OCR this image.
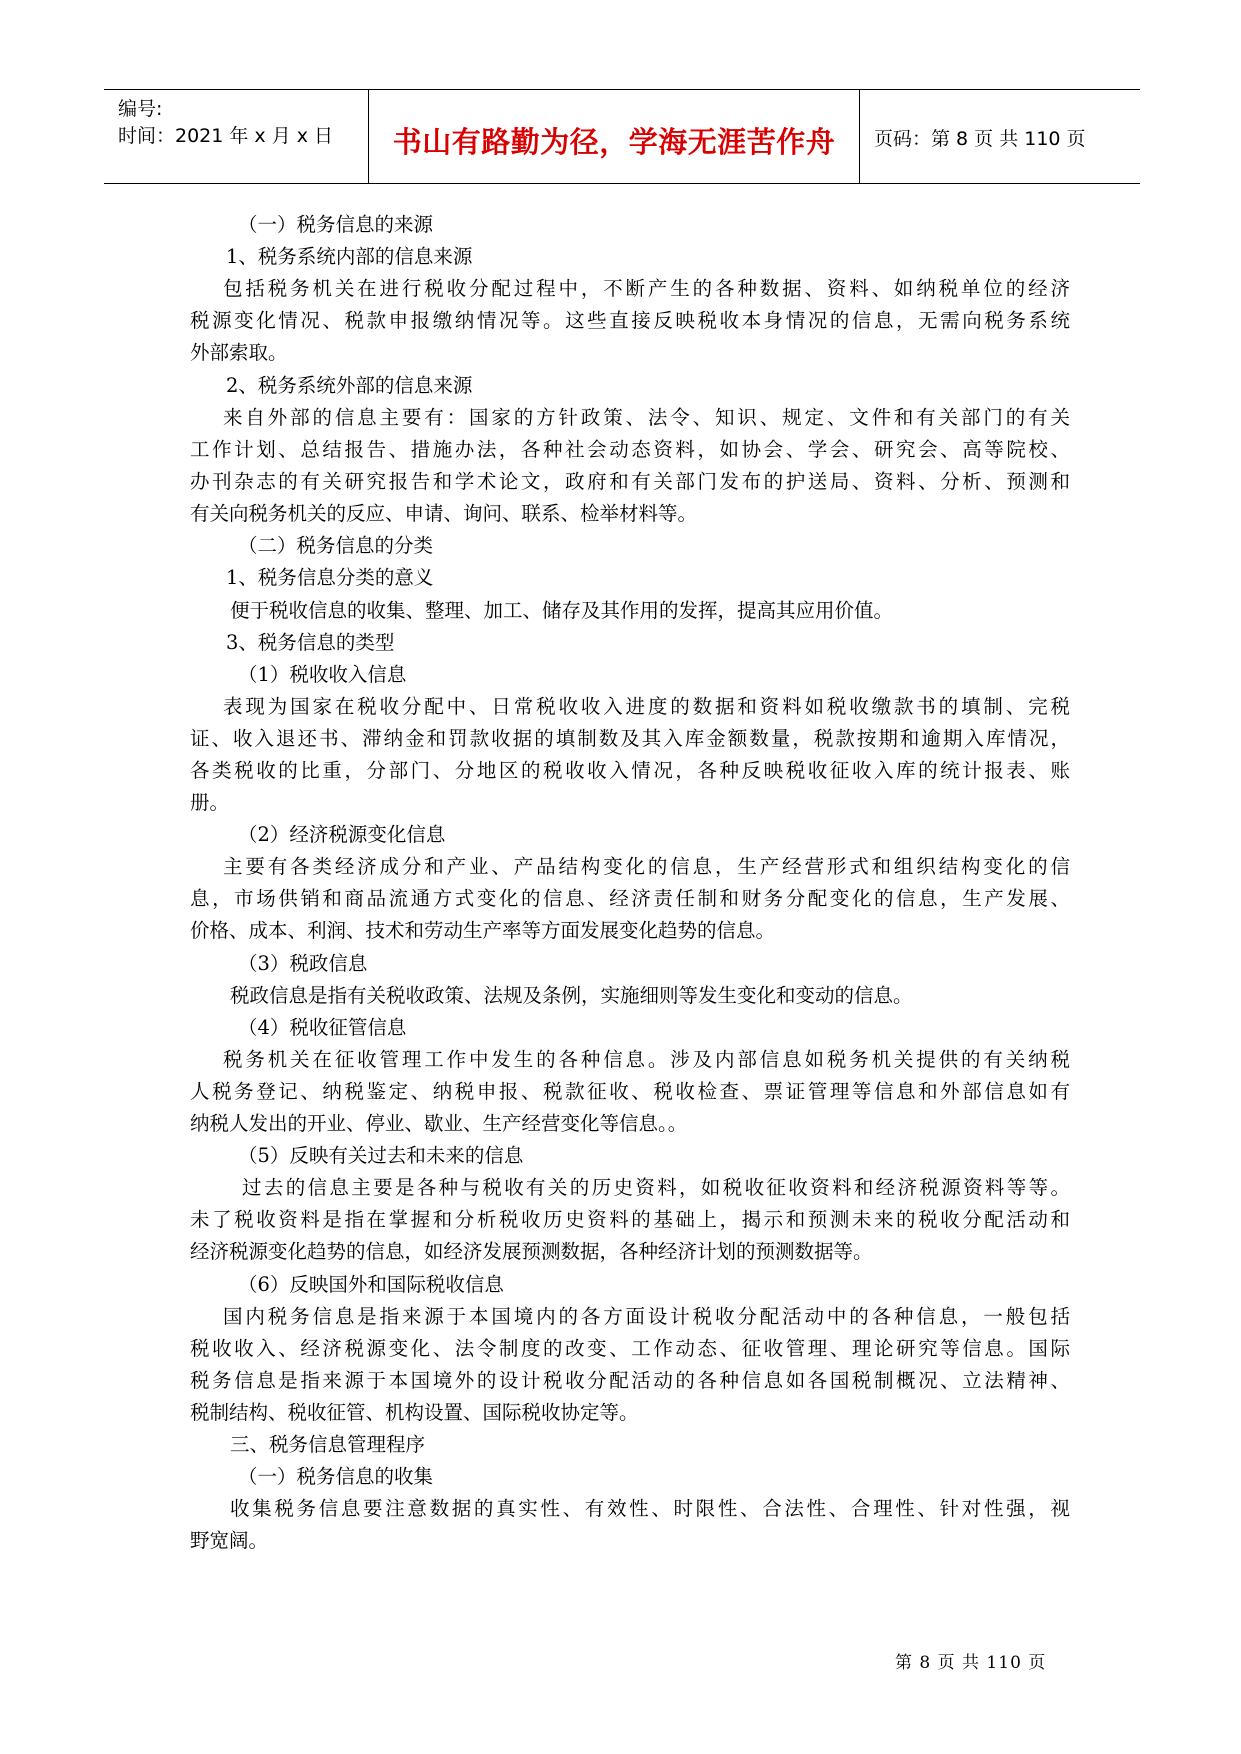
编号:
时间：2021 年 x 月 x 日	书山有路勤为径，学海无涯苦作舟	页码：第 8 页 共 110 页
（一）税务信息的来源
1、税务系统内部的信息来源
包括税务机关在进行税收分配过程中，不断产生的各种数据、资料、如纳税单位的经济
税源变化情况、税款申报缴纳情况等。这些直接反映税收本身情况的信息，无需向税务系统
外部索取。
2、税务系统外部的信息来源
来自外部的信息主要有：国家的方针政策、法令、知识、规定、文件和有关部门的有关
工作计划、总结报告、措施办法，各种社会动态资料，如协会、学会、研究会、高等院校、
办刊杂志的有关研究报告和学术论文，政府和有关部门发布的护送局、资料、分析、预测和
有关向税务机关的反应、申请、询问、联系、检举材料等。
（二）税务信息的分类
1、税务信息分类的意义
便于税收信息的收集、整理、加工、储存及其作用的发挥，提高其应用价值。
3、税务信息的类型
（1）税收收入信息
表现为国家在税收分配中、日常税收收入进度的数据和资料如税收缴款书的填制、完税
证、收入退还书、滞纳金和罚款收据的填制数及其入库金额数量，税款按期和逾期入库情况，
各类税收的比重，分部门、分地区的税收收入情况，各种反映税收征收入库的统计报表、账
册。
（2）经济税源变化信息
主要有各类经济成分和产业、产品结构变化的信息，生产经营形式和组织结构变化的信
息，市场供销和商品流通方式变化的信息、经济责任制和财务分配变化的信息，生产发展、
价格、成本、利润、技术和劳动生产率等方面发展变化趋势的信息。
（3）税政信息
税政信息是指有关税收政策、法规及条例，实施细则等发生变化和变动的信息。
（4）税收征管信息
税务机关在征收管理工作中发生的各种信息。涉及内部信息如税务机关提供的有关纳税
人税务登记、纳税鉴定、纳税申报、税款征收、税收检查、票证管理等信息和外部信息如有
纳税人发出的开业、停业、歇业、生产经营变化等信息。。
（5）反映有关过去和未来的信息
过去的信息主要是各种与税收有关的历史资料，如税收征收资料和经济税源资料等等。
未了税收资料是指在掌握和分析税收历史资料的基础上，揭示和预测未来的税收分配活动和
经济税源变化趋势的信息，如经济发展预测数据，各种经济计划的预测数据等。
（6）反映国外和国际税收信息
国内税务信息是指来源于本国境内的各方面设计税收分配活动中的各种信息，一般包括
税收收入、经济税源变化、法令制度的改变、工作动态、征收管理、理论研究等信息。国际
税务信息是指来源于本国境外的设计税收分配活动的各种信息如各国税制概况、立法精神、
税制结构、税收征管、机构设置、国际税收协定等。
三、税务信息管理程序
（一）税务信息的收集
收集税务信息要注意数据的真实性、有效性、时限性、合法性、合理性、针对性强，视
野宽阔。
第 8 页 共 110 页
